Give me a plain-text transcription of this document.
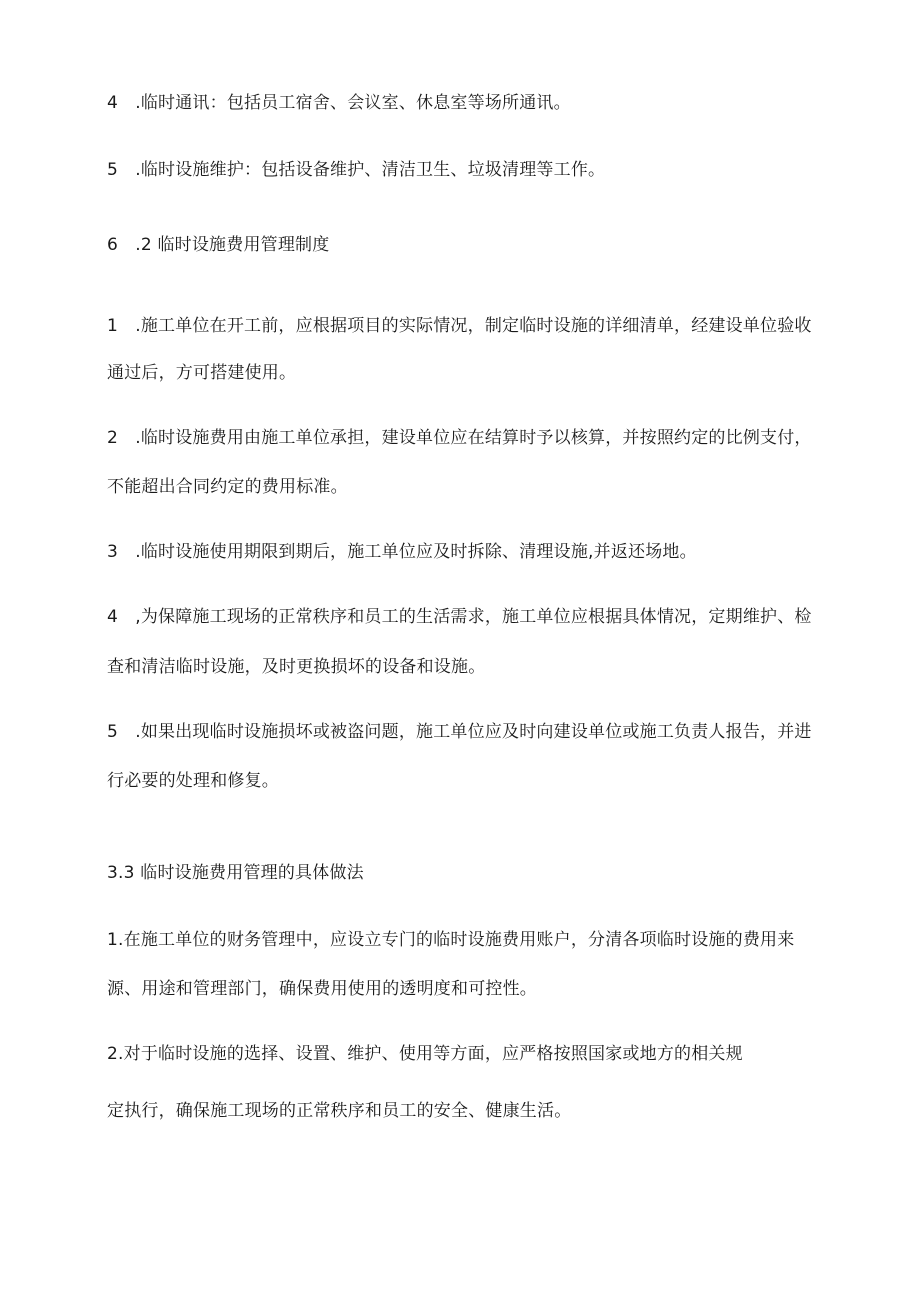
4　.临时通讯：包括员工宿舍、会议室、休息室等场所通讯。

5　.临时设施维护：包括设备维护、清洁卫生、垃圾清理等工作。

6　.2 临时设施费用管理制度

1　.施工单位在开工前，应根据项目的实际情况，制定临时设施的详细清单，经建设单位验收

通过后，方可搭建使用。

2　.临时设施费用由施工单位承担，建设单位应在结算时予以核算，并按照约定的比例支付，

不能超出合同约定的费用标准。

3　.临时设施使用期限到期后，施工单位应及时拆除、清理设施,并返还场地。

4　,为保障施工现场的正常秩序和员工的生活需求，施工单位应根据具体情况，定期维护、检

查和清洁临时设施，及时更换损坏的设备和设施。

5　.如果出现临时设施损坏或被盗问题，施工单位应及时向建设单位或施工负责人报告，并进

行必要的处理和修复。

3.3 临时设施费用管理的具体做法

1.在施工单位的财务管理中，应设立专门的临时设施费用账户，分清各项临时设施的费用来

源、用途和管理部门，确保费用使用的透明度和可控性。

2.对于临时设施的选择、设置、维护、使用等方面，应严格按照国家或地方的相关规

定执行，确保施工现场的正常秩序和员工的安全、健康生活。
